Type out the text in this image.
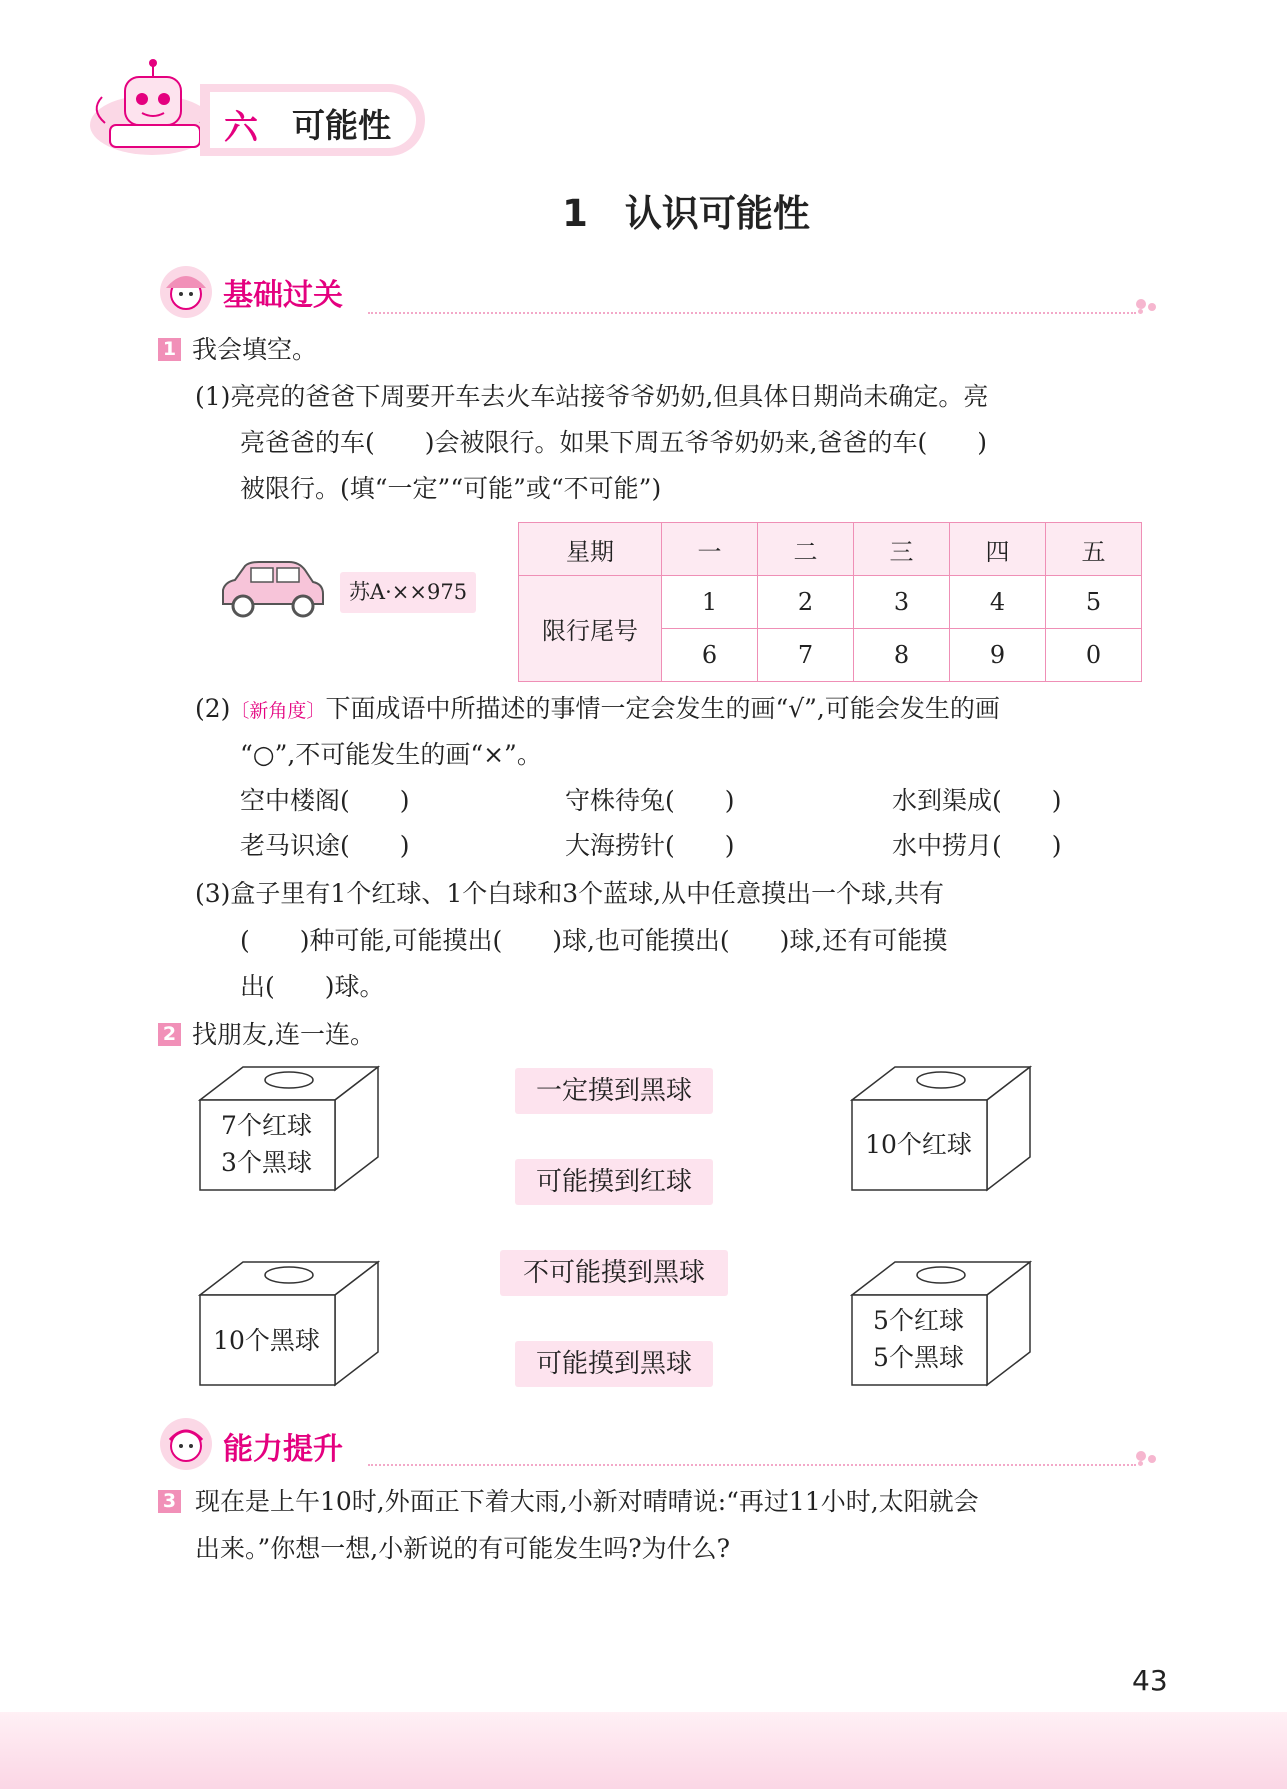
六 可能性
1　认识可能性
基础过关
1 我会填空。
(1)亮亮的爸爸下周要开车去火车站接爷爷奶奶,但具体日期尚未确定。亮
亮爸爸的车(　　)会被限行。如果下周五爷爷奶奶来,爸爸的车(　　)
被限行。(填“一定”“可能”或“不可能”)
苏A·××975
星期	一	二	三	四	五
限行尾号	1	2	3	4	5
	6	7	8	9	0
(2)〔新角度〕下面成语中所描述的事情一定会发生的画“√”,可能会发生的画
“○”,不可能发生的画“×”。
空中楼阁(　　)	守株待兔(　　)	水到渠成(　　)
老马识途(　　)	大海捞针(　　)	水中捞月(　　)
(3)盒子里有1个红球、1个白球和3个蓝球,从中任意摸出一个球,共有
(　　)种可能,可能摸出(　　)球,也可能摸出(　　)球,还有可能摸
出(　　)球。
2 找朋友,连一连。
7个红球
3个黑球
10个红球
10个黑球
5个红球
5个黑球
一定摸到黑球
可能摸到红球
不可能摸到黑球
可能摸到黑球
能力提升
3 现在是上午10时,外面正下着大雨,小新对晴晴说:“再过11小时,太阳就会
出来。”你想一想,小新说的有可能发生吗?为什么?
43
